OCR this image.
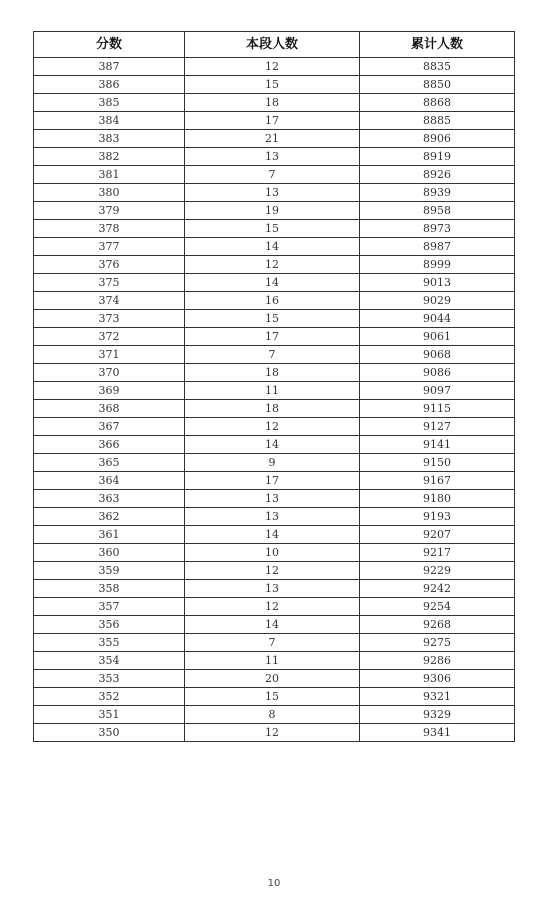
分数	本段人数	累计人数
387	12	8835
386	15	8850
385	18	8868
384	17	8885
383	21	8906
382	13	8919
381	7	8926
380	13	8939
379	19	8958
378	15	8973
377	14	8987
376	12	8999
375	14	9013
374	16	9029
373	15	9044
372	17	9061
371	7	9068
370	18	9086
369	11	9097
368	18	9115
367	12	9127
366	14	9141
365	9	9150
364	17	9167
363	13	9180
362	13	9193
361	14	9207
360	10	9217
359	12	9229
358	13	9242
357	12	9254
356	14	9268
355	7	9275
354	11	9286
353	20	9306
352	15	9321
351	8	9329
350	12	9341
10
